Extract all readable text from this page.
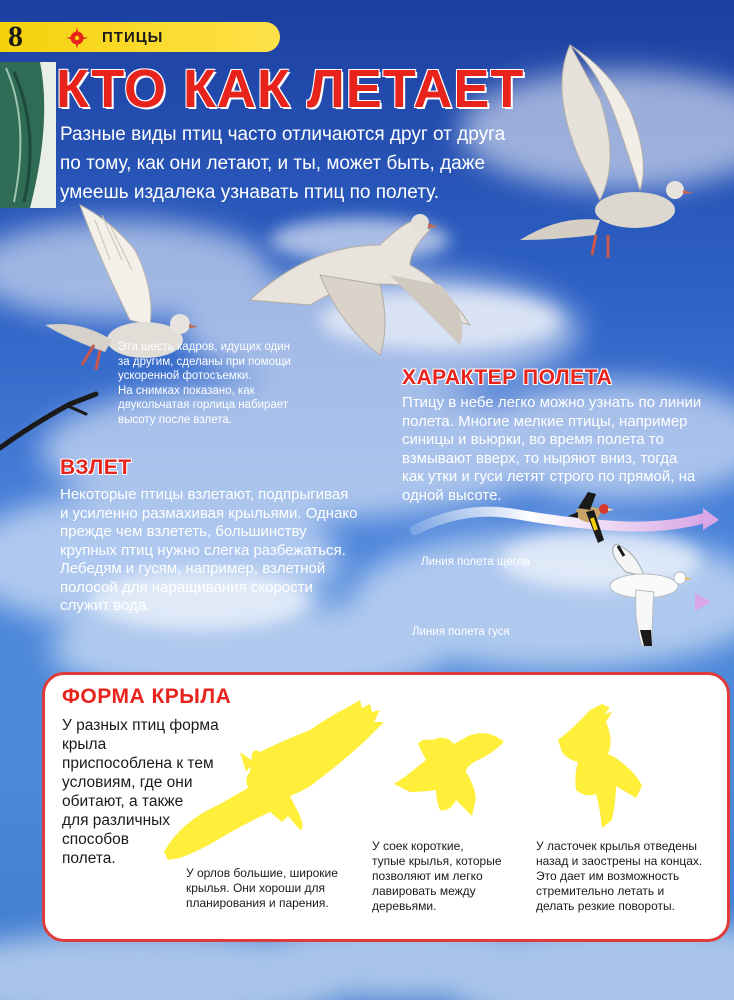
8	ПТИЦЫ
КТО КАК ЛЕТАЕТ
Разные виды птиц часто отличаются друг от друга
по тому, как они летают, и ты, может быть, даже
умеешь издалека узнавать птиц по полету.
Эти шесть кадров, идущих один
за другим, сделаны при помощи
ускоренной фотосъемки.
На снимках показано, как
двукольчатая горлица набирает
высоту после взлета.
ВЗЛЕТ
Некоторые птицы взлетают, подпрыгивая
и усиленно размахивая крыльями. Однако
прежде чем взлететь, большинству
крупных птиц нужно слегка разбежаться.
Лебедям и гусям, например, взлетной
полосой для наращивания скорости
служит вода.
ХАРАКТЕР ПОЛЕТА
Птицу в небе легко можно узнать по линии
полета. Многие мелкие птицы, например
синицы и вьюрки, во время полета то
взмывают вверх, то ныряют вниз, тогда
как утки и гуси летят строго по прямой, на
одной высоте.
Линия полета щегла
Линия полета гуся
ФОРМА КРЫЛА
У разных птиц форма крыла
приспособлена к тем
условиям, где они
обитают, а также
для различных
способов
полета.
У орлов большие, широкие
крылья. Они хороши для
планирования и парения.
У соек короткие,
тупые крылья, которые
позволяют им легко
лавировать между
деревьями.
У ласточек крылья отведены
назад и заострены на концах.
Это дает им возможность
стремительно летать и
делать резкие повороты.
